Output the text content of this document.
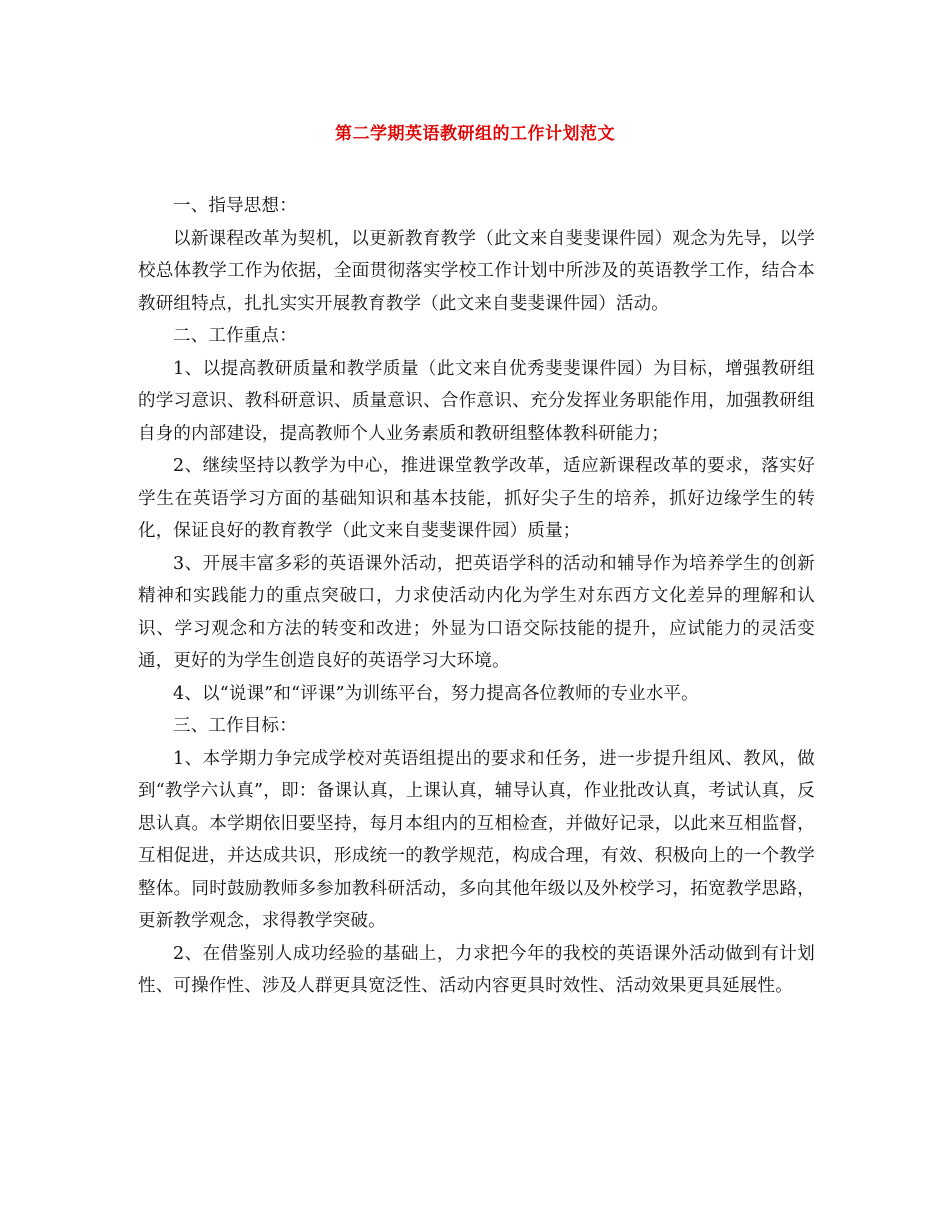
第二学期英语教研组的工作计划范文

一、指导思想：

以新课程改革为契机，以更新教育教学（此文来自斐斐课件园）观念为先导，以学校总体教学工作为依据，全面贯彻落实学校工作计划中所涉及的英语教学工作，结合本教研组特点，扎扎实实开展教育教学（此文来自斐斐课件园）活动。

二、工作重点：

1、以提高教研质量和教学质量（此文来自优秀斐斐课件园）为目标，增强教研组的学习意识、教科研意识、质量意识、合作意识、充分发挥业务职能作用，加强教研组自身的内部建设，提高教师个人业务素质和教研组整体教科研能力；

2、继续坚持以教学为中心，推进课堂教学改革，适应新课程改革的要求，落实好学生在英语学习方面的基础知识和基本技能，抓好尖子生的培养，抓好边缘学生的转化，保证良好的教育教学（此文来自斐斐课件园）质量；

3、开展丰富多彩的英语课外活动，把英语学科的活动和辅导作为培养学生的创新精神和实践能力的重点突破口，力求使活动内化为学生对东西方文化差异的理解和认识、学习观念和方法的转变和改进；外显为口语交际技能的提升，应试能力的灵活变通，更好的为学生创造良好的英语学习大环境。

4、以“说课”和“评课”为训练平台，努力提高各位教师的专业水平。

三、工作目标：

1、本学期力争完成学校对英语组提出的要求和任务，进一步提升组风、教风，做到“教学六认真”，即：备课认真，上课认真，辅导认真，作业批改认真，考试认真，反思认真。本学期依旧要坚持，每月本组内的互相检查，并做好记录，以此来互相监督，互相促进，并达成共识，形成统一的教学规范，构成合理，有效、积极向上的一个教学整体。同时鼓励教师多参加教科研活动，多向其他年级以及外校学习，拓宽教学思路，更新教学观念，求得教学突破。

2、在借鉴别人成功经验的基础上，力求把今年的我校的英语课外活动做到有计划性、可操作性、涉及人群更具宽泛性、活动内容更具时效性、活动效果更具延展性。
